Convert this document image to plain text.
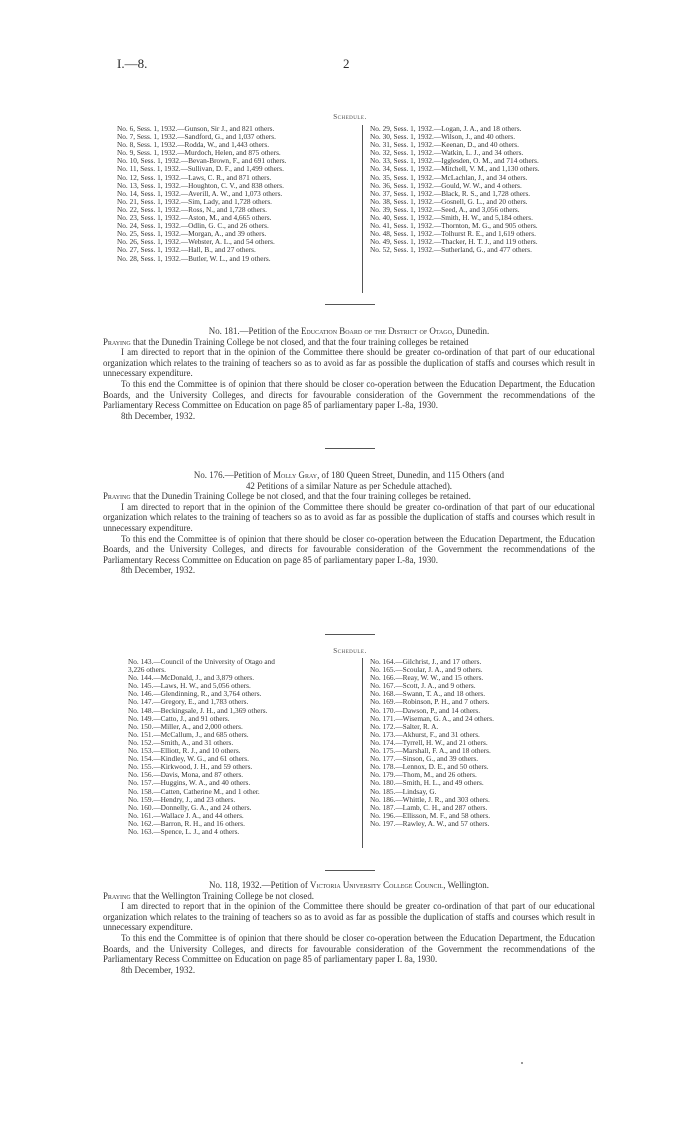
I.—8.	2
Schedule.
No. 6, Sess. 1, 1932.—Gunson, Sir J., and 821 others.
No. 7, Sess. 1, 1932.—Sandford, G., and 1,037 others.
No. 8, Sess. 1, 1932.—Rodda, W., and 1,443 others.
No. 9, Sess. 1, 1932.—Murdoch, Helen, and 875 others.
No. 10, Sess. 1, 1932.—Bevan-Brown, F., and 691 others.
No. 11, Sess. 1, 1932.—Sullivan, D. F., and 1,499 others.
No. 12, Sess. 1, 1932.—Laws, C. R., and 871 others.
No. 13, Sess. 1, 1932.—Houghton, C. V., and 838 others.
No. 14, Sess. 1, 1932.—Averill, A. W., and 1,073 others.
No. 21, Sess. 1, 1932.—Sim, Lady, and 1,728 others.
No. 22, Sess. 1, 1932.—Ross, N., and 1,728 others.
No. 23, Sess. 1, 1932.—Aston, M., and 4,665 others.
No. 24, Sess. 1, 1932.—Odlin, G. C., and 26 others.
No. 25, Sess. 1, 1932.—Morgan, A., and 39 others.
No. 26, Sess. 1, 1932.—Webster, A. L., and 54 others.
No. 27, Sess. 1, 1932.—Hall, B., and 27 others.
No. 28, Sess. 1, 1932.—Butler, W. L., and 19 others.
No. 29, Sess. 1, 1932.—Logan, J. A., and 18 others.
No. 30, Sess. 1, 1932.—Wilson, J., and 40 others.
No. 31, Sess. 1, 1932.—Keenan, D., and 40 others.
No. 32, Sess. 1, 1932.—Watkin, L. J., and 34 others.
No. 33, Sess. 1, 1932.—Igglesden, O. M., and 714 others.
No. 34, Sess. 1, 1932.—Mitchell, V. M., and 1,130 others.
No. 35, Sess. 1, 1932.—McLachlan, J., and 34 others.
No. 36, Sess. 1, 1932.—Gould, W. W., and 4 others.
No. 37, Sess. 1, 1932.—Black, R. S., and 1,728 others.
No. 38, Sess. 1, 1932.—Gosnell, G. L., and 20 others.
No. 39, Sess. 1, 1932.—Seed, A., and 3,056 others.
No. 40, Sess. 1, 1932.—Smith, H. W., and 5,184 others.
No. 41, Sess. 1, 1932.—Thornton, M. G., and 905 others.
No. 48, Sess. 1, 1932.—Tolhurst R. E., and 1,619 others.
No. 49, Sess. 1, 1932.—Thacker, H. T. J., and 119 others.
No. 52, Sess. 1, 1932.—Sutherland, G., and 477 others.
No. 181.—Petition of the Education Board of the District of Otago, Dunedin.

Praying that the Dunedin Training College be not closed, and that the four training colleges be retained

I am directed to report that in the opinion of the Committee there should be greater co-ordination of that part of our educational organization which relates to the training of teachers so as to avoid as far as possible the duplication of staffs and courses which result in unnecessary expenditure.

To this end the Committee is of opinion that there should be closer co-operation between the Education Department, the Education Boards, and the University Colleges, and directs for favourable consideration of the Government the recommendations of the Parliamentary Recess Committee on Education on page 85 of parliamentary paper I.-8a, 1930.

8th December, 1932.

No. 176.—Petition of Molly Gray, of 180 Queen Street, Dunedin, and 115 Others (and
42 Petitions of a similar Nature as per Schedule attached).

Praying that the Dunedin Training College be not closed, and that the four training colleges be retained.

I am directed to report that in the opinion of the Committee there should be greater co-ordination of that part of our educational organization which relates to the training of teachers so as to avoid as far as possible the duplication of staffs and courses which result in unnecessary expenditure.

To this end the Committee is of opinion that there should be closer co-operation between the Education Department, the Education Boards, and the University Colleges, and directs for favourable consideration of the Government the recommendations of the Parliamentary Recess Committee on Education on page 85 of parliamentary paper I.-8a, 1930.

8th December, 1932.

Schedule.
No. 143.—Council of the University of Otago and
3,226 others.
No. 144.—McDonald, J., and 3,879 others.
No. 145.—Laws, H. W., and 5,056 others.
No. 146.—Glendinning, R., and 3,764 others.
No. 147.—Gregory, E., and 1,783 others.
No. 148.—Beckingsale, J. H., and 1,369 others.
No. 149.—Catto, J., and 91 others.
No. 150.—Miller, A., and 2,000 others.
No. 151.—McCallum, J., and 685 others.
No. 152.—Smith, A., and 31 others.
No. 153.—Elliott, R. J., and 10 others.
No. 154.—Kindley, W. G., and 61 others.
No. 155.—Kirkwood, J. H., and 59 others.
No. 156.—Davis, Mona, and 87 others.
No. 157.—Huggins, W. A., and 40 others.
No. 158.—Catten, Catherine M., and 1 other.
No. 159.—Hendry, J., and 23 others.
No. 160.—Donnelly, G. A., and 24 others.
No. 161.—Wallace J. A., and 44 others.
No. 162.—Barron, R. H., and 16 others.
No. 163.—Spence, L. J., and 4 others.
No. 164.—Gilchrist, J., and 17 others.
No. 165.—Scoular, J. A., and 9 others.
No. 166.—Reay, W. W., and 15 others.
No. 167.—Scott, J. A., and 9 others.
No. 168.—Swann, T. A., and 18 others.
No. 169.—Robinson, P. H., and 7 others.
No. 170.—Dawson, P., and 14 others.
No. 171.—Wiseman, G. A., and 24 others.
No. 172.—Salter, R. A.
No. 173.—Akhurst, F., and 31 others.
No. 174.—Tyrrell, H. W., and 21 others.
No. 175.—Marshall, F. A., and 18 others.
No. 177.—Sinson, G., and 39 others.
No. 178.—Lennox, D. E., and 50 others.
No. 179.—Thom, M., and 26 others.
No. 180.—Smith, H. L., and 49 others.
No. 185.—Lindsay, G.
No. 186.—Whittle, J. R., and 303 others.
No. 187.—Lamb, C. H., and 287 others.
No. 196.—Ellisson, M. F., and 58 others.
No. 197.—Rawley, A. W., and 57 others.
No. 118, 1932.—Petition of Victoria University College Council, Wellington.

Praying that the Wellington Training College be not closed.

I am directed to report that in the opinion of the Committee there should be greater co-ordination of that part of our educational organization which relates to the training of teachers so as to avoid as far as possible the duplication of staffs and courses which result in unnecessary expenditure.

To this end the Committee is of opinion that there should be closer co-operation between the Education Department, the Education Boards, and the University Colleges, and directs for favourable consideration of the Government the recommendations of the Parliamentary Recess Committee on Education on page 85 of parliamentary paper I. 8a, 1930.

8th December, 1932.
